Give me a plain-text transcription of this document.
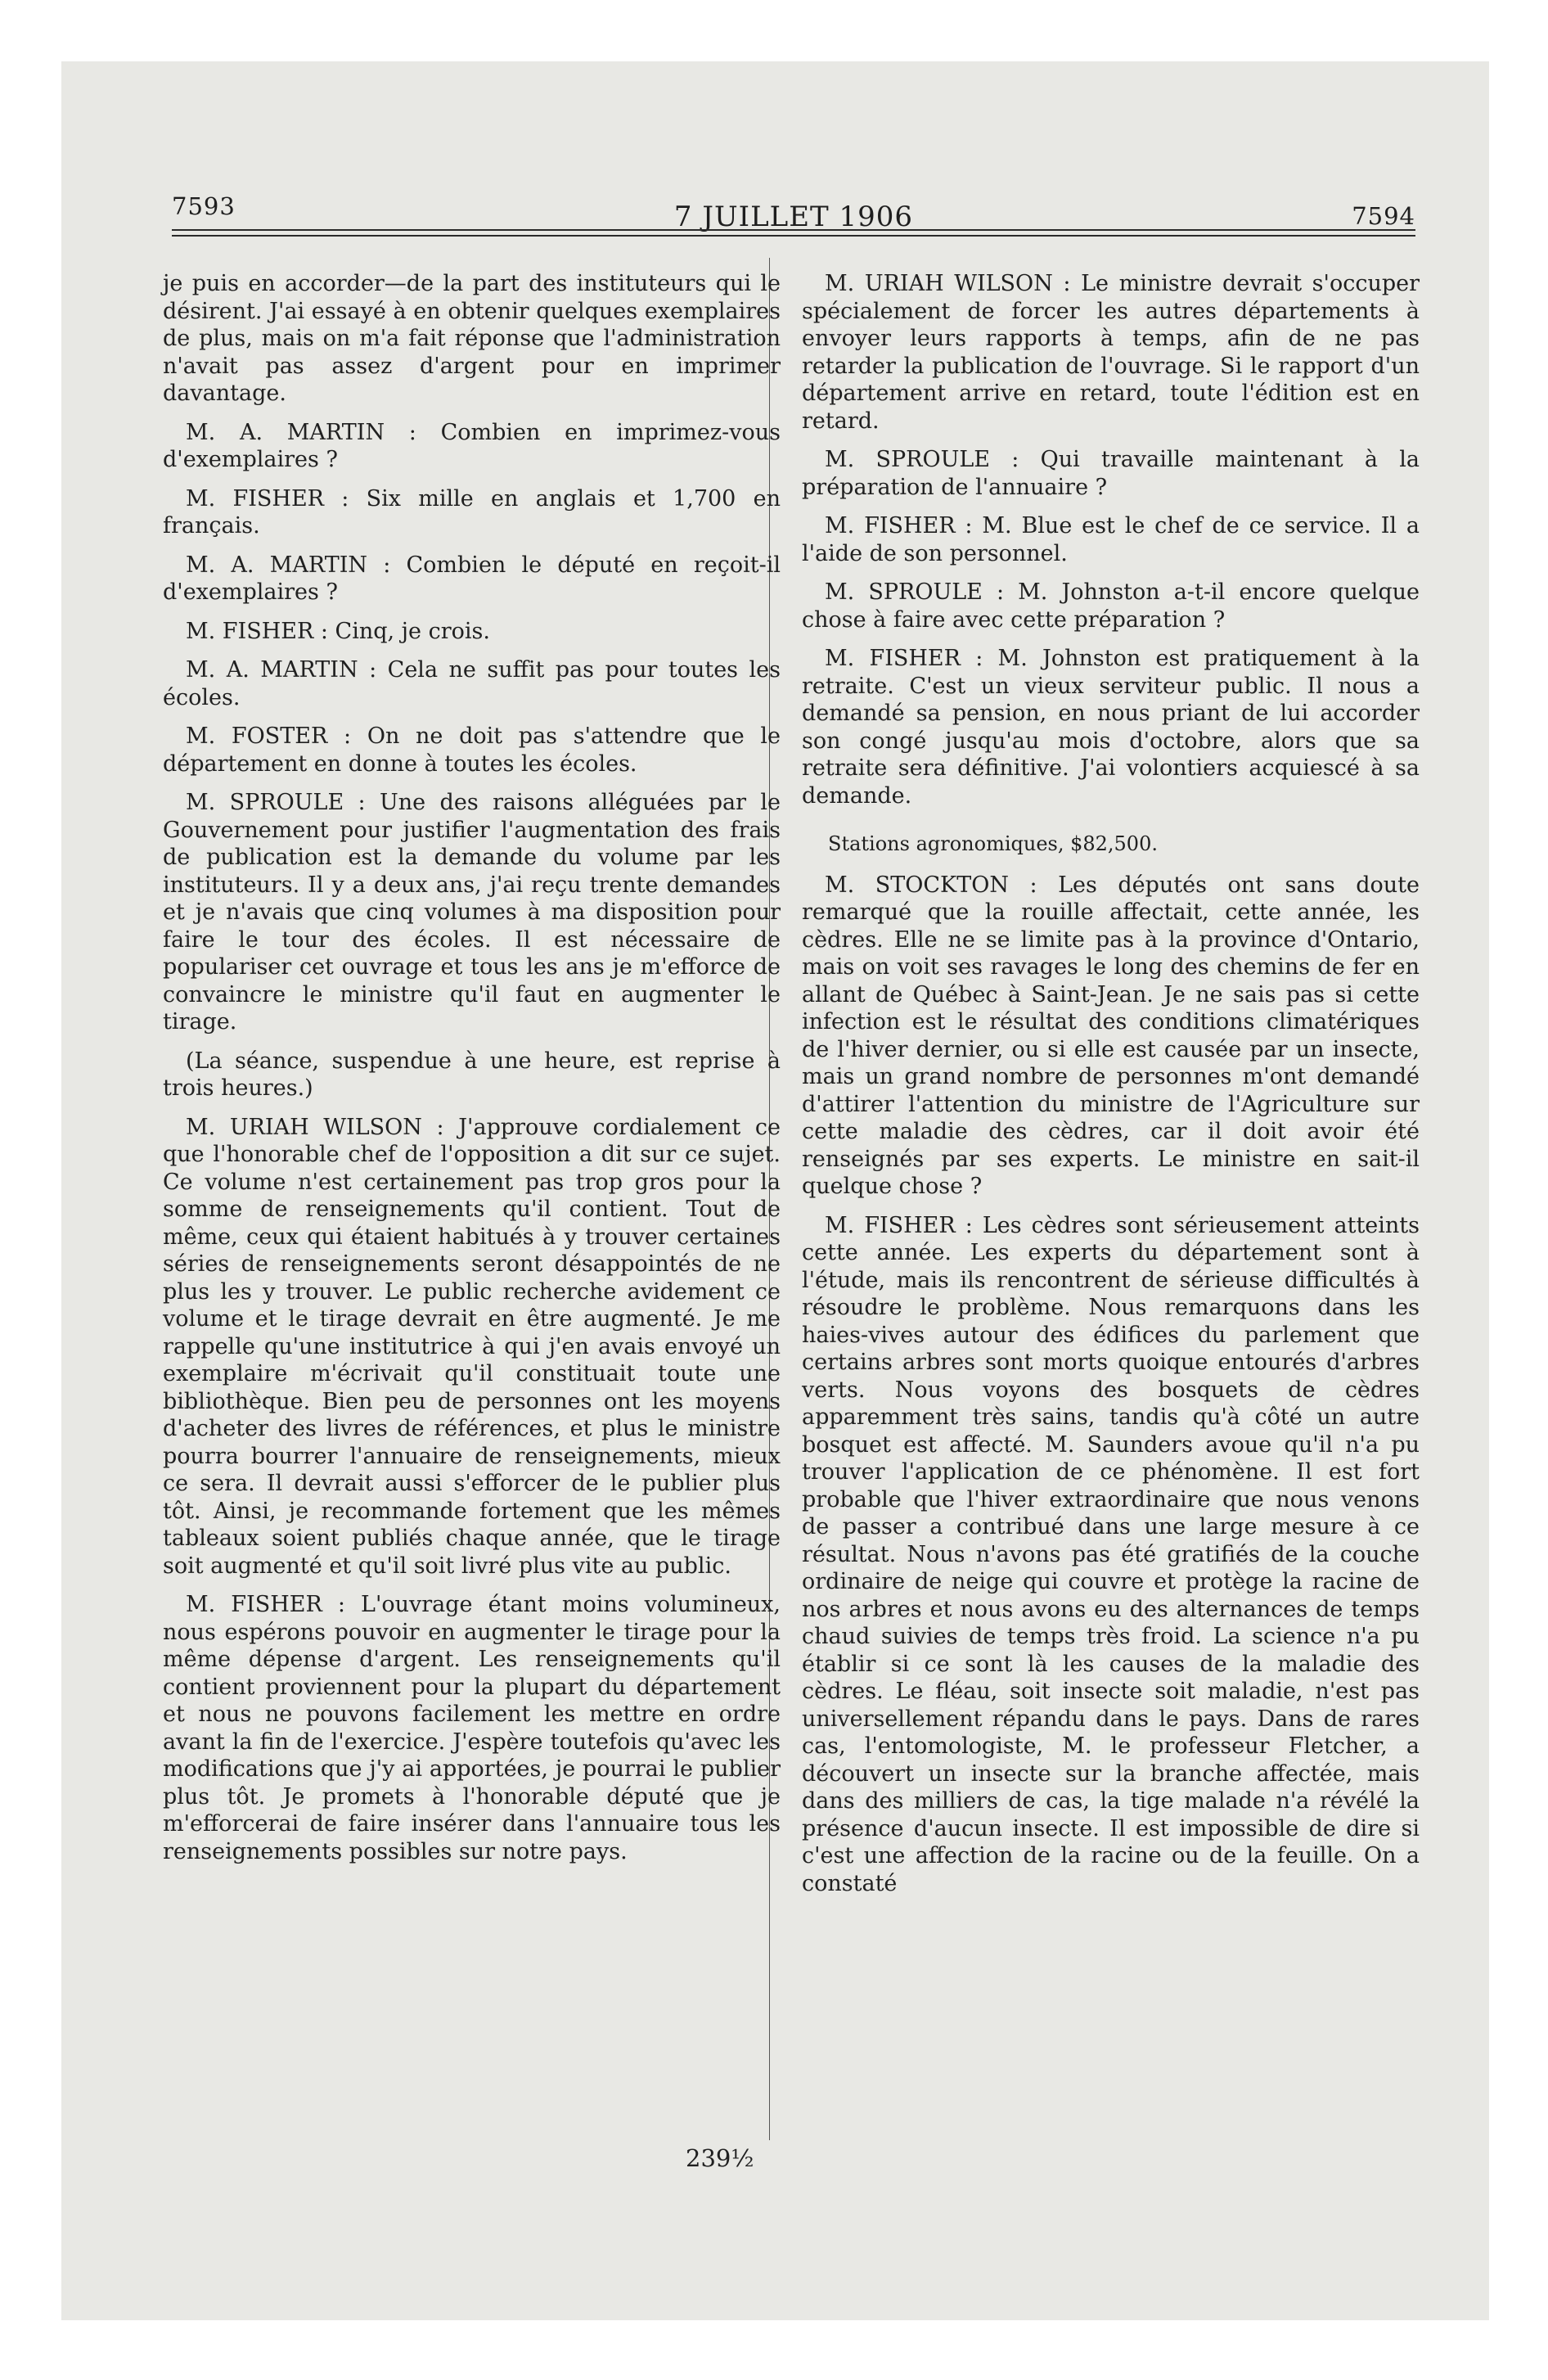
7593	7 JUILLET 1906	7594

je puis en accorder—de la part des instituteurs qui le désirent. J'ai essayé à en obtenir quelques exemplaires de plus, mais on m'a fait réponse que l'administration n'avait pas assez d'argent pour en imprimer davantage.

M. A. MARTIN : Combien en imprimez-vous d'exemplaires ?

M. FISHER : Six mille en anglais et 1,700 en français.

M. A. MARTIN : Combien le député en reçoit-il d'exemplaires ?

M. FISHER : Cinq, je crois.

M. A. MARTIN : Cela ne suffit pas pour toutes les écoles.

M. FOSTER : On ne doit pas s'attendre que le département en donne à toutes les écoles.

M. SPROULE : Une des raisons alléguées par le Gouvernement pour justifier l'augmentation des frais de publication est la demande du volume par les instituteurs. Il y a deux ans, j'ai reçu trente demandes et je n'avais que cinq volumes à ma disposition pour faire le tour des écoles. Il est nécessaire de populariser cet ouvrage et tous les ans je m'efforce de convaincre le ministre qu'il faut en augmenter le tirage.

(La séance, suspendue à une heure, est reprise à trois heures.)

M. URIAH WILSON : J'approuve cordialement ce que l'honorable chef de l'opposition a dit sur ce sujet. Ce volume n'est certainement pas trop gros pour la somme de renseignements qu'il contient. Tout de même, ceux qui étaient habitués à y trouver certaines séries de renseignements seront désappointés de ne plus les y trouver. Le public recherche avidement ce volume et le tirage devrait en être augmenté. Je me rappelle qu'une institutrice à qui j'en avais envoyé un exemplaire m'écrivait qu'il constituait toute une bibliothèque. Bien peu de personnes ont les moyens d'acheter des livres de références, et plus le ministre pourra bourrer l'annuaire de renseignements, mieux ce sera. Il devrait aussi s'efforcer de le publier plus tôt. Ainsi, je recommande fortement que les mêmes tableaux soient publiés chaque année, que le tirage soit augmenté et qu'il soit livré plus vite au public.

M. FISHER : L'ouvrage étant moins volumineux, nous espérons pouvoir en augmenter le tirage pour la même dépense d'argent. Les renseignements qu'il contient proviennent pour la plupart du département et nous ne pouvons facilement les mettre en ordre avant la fin de l'exercice. J'espère toutefois qu'avec les modifications que j'y ai apportées, je pourrai le publier plus tôt. Je promets à l'honorable député que je m'efforcerai de faire insérer dans l'annuaire tous les renseignements possibles sur notre pays.

M. URIAH WILSON : Le ministre devrait s'occuper spécialement de forcer les autres départements à envoyer leurs rapports à temps, afin de ne pas retarder la publication de l'ouvrage. Si le rapport d'un département arrive en retard, toute l'édition est en retard.

M. SPROULE : Qui travaille maintenant à la préparation de l'annuaire ?

M. FISHER : M. Blue est le chef de ce service. Il a l'aide de son personnel.

M. SPROULE : M. Johnston a-t-il encore quelque chose à faire avec cette préparation ?

M. FISHER : M. Johnston est pratiquement à la retraite. C'est un vieux serviteur public. Il nous a demandé sa pension, en nous priant de lui accorder son congé jusqu'au mois d'octobre, alors que sa retraite sera définitive. J'ai volontiers acquiescé à sa demande.

Stations agronomiques, $82,500.

M. STOCKTON : Les députés ont sans doute remarqué que la rouille affectait, cette année, les cèdres. Elle ne se limite pas à la province d'Ontario, mais on voit ses ravages le long des chemins de fer en allant de Québec à Saint-Jean. Je ne sais pas si cette infection est le résultat des conditions climatériques de l'hiver dernier, ou si elle est causée par un insecte, mais un grand nombre de personnes m'ont demandé d'attirer l'attention du ministre de l'Agriculture sur cette maladie des cèdres, car il doit avoir été renseignés par ses experts. Le ministre en sait-il quelque chose ?

M. FISHER : Les cèdres sont sérieusement atteints cette année. Les experts du département sont à l'étude, mais ils rencontrent de sérieuse difficultés à résoudre le problème. Nous remarquons dans les haies-vives autour des édifices du parlement que certains arbres sont morts quoique entourés d'arbres verts. Nous voyons des bosquets de cèdres apparemment très sains, tandis qu'à côté un autre bosquet est affecté. M. Saunders avoue qu'il n'a pu trouver l'application de ce phénomène. Il est fort probable que l'hiver extraordinaire que nous venons de passer a contribué dans une large mesure à ce résultat. Nous n'avons pas été gratifiés de la couche ordinaire de neige qui couvre et protège la racine de nos arbres et nous avons eu des alternances de temps chaud suivies de temps très froid. La science n'a pu établir si ce sont là les causes de la maladie des cèdres. Le fléau, soit insecte soit maladie, n'est pas universellement répandu dans le pays. Dans de rares cas, l'entomologiste, M. le professeur Fletcher, a découvert un insecte sur la branche affectée, mais dans des milliers de cas, la tige malade n'a révélé la présence d'aucun insecte. Il est impossible de dire si c'est une affection de la racine ou de la feuille. On a constaté

239½
